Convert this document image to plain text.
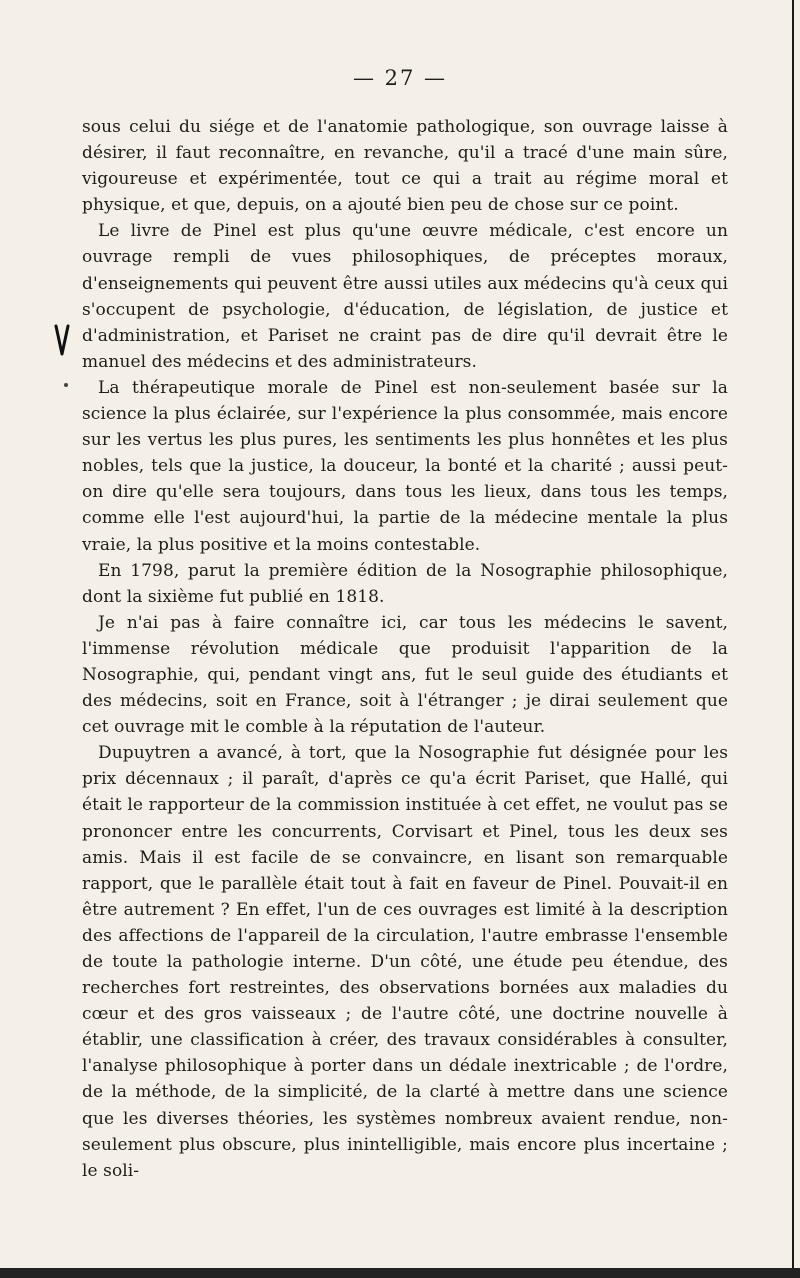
— 27 —

sous celui du siége et de l'anatomie pathologique, son ouvrage laisse à désirer, il faut reconnaître, en revanche, qu'il a tracé d'une main sûre, vigoureuse et expérimentée, tout ce qui a trait au régime moral et physique, et que, depuis, on a ajouté bien peu de chose sur ce point.

Le livre de Pinel est plus qu'une œuvre médicale, c'est encore un ouvrage rempli de vues philosophiques, de préceptes moraux, d'enseignements qui peuvent être aussi utiles aux médecins qu'à ceux qui s'occupent de psychologie, d'éducation, de législation, de justice et d'administration, et Pariset ne craint pas de dire qu'il devrait être le manuel des médecins et des administrateurs.

La thérapeutique morale de Pinel est non-seulement basée sur la science la plus éclairée, sur l'expérience la plus consommée, mais encore sur les vertus les plus pures, les sentiments les plus honnêtes et les plus nobles, tels que la justice, la douceur, la bonté et la charité ; aussi peut-on dire qu'elle sera toujours, dans tous les lieux, dans tous les temps, comme elle l'est aujourd'hui, la partie de la médecine mentale la plus vraie, la plus positive et la moins contestable.

En 1798, parut la première édition de la Nosographie philosophique, dont la sixième fut publié en 1818.

Je n'ai pas à faire connaître ici, car tous les médecins le savent, l'immense révolution médicale que produisit l'apparition de la Nosographie, qui, pendant vingt ans, fut le seul guide des étudiants et des médecins, soit en France, soit à l'étranger ; je dirai seulement que cet ouvrage mit le comble à la réputation de l'auteur.

Dupuytren a avancé, à tort, que la Nosographie fut désignée pour les prix décennaux ; il paraît, d'après ce qu'a écrit Pariset, que Hallé, qui était le rapporteur de la commission instituée à cet effet, ne voulut pas se prononcer entre les concurrents, Corvisart et Pinel, tous les deux ses amis. Mais il est facile de se convaincre, en lisant son remarquable rapport, que le parallèle était tout à fait en faveur de Pinel. Pouvait-il en être autrement ? En effet, l'un de ces ouvrages est limité à la description des affections de l'appareil de la circulation, l'autre embrasse l'ensemble de toute la pathologie interne. D'un côté, une étude peu étendue, des recherches fort restreintes, des observations bornées aux maladies du cœur et des gros vaisseaux ; de l'autre côté, une doctrine nouvelle à établir, une classification à créer, des travaux considérables à consulter, l'analyse philosophique à porter dans un dédale inextricable ; de l'ordre, de la méthode, de la simplicité, de la clarté à mettre dans une science que les diverses théories, les systèmes nombreux avaient rendue, non-seulement plus obscure, plus inintelligible, mais encore plus incertaine ; le soli-
